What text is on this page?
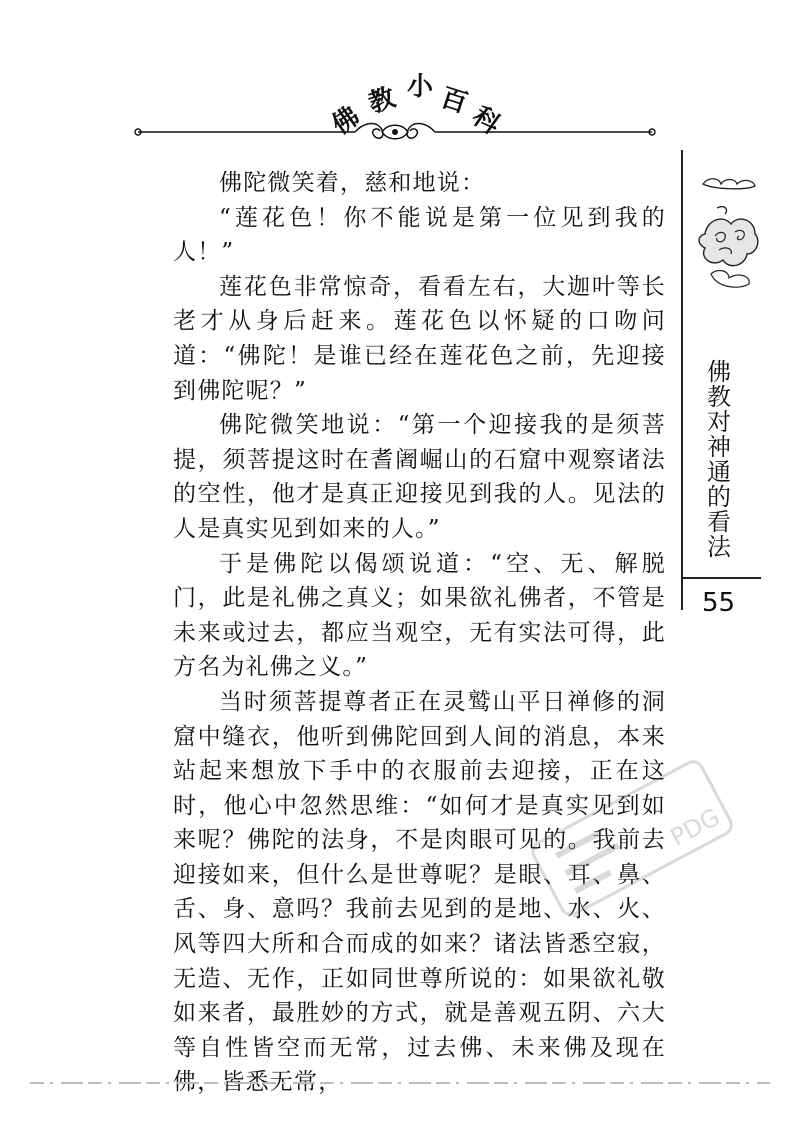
佛
教 小 百
科

佛陀微笑着，慈和地说：

“莲花色！你不能说是第一位见到我的人！”

莲花色非常惊奇，看看左右，大迦叶等长老才从身后赶来。莲花色以怀疑的口吻问道：“佛陀！是谁已经在莲花色之前，先迎接到佛陀呢？”

佛陀微笑地说：“第一个迎接我的是须菩提，须菩提这时在耆阇崛山的石窟中观察诸法的空性，他才是真正迎接见到我的人。见法的人是真实见到如来的人。”

于是佛陀以偈颂说道：“空、无、解脱门，此是礼佛之真义；如果欲礼佛者，不管是未来或过去，都应当观空，无有实法可得，此方名为礼佛之义。”

当时须菩提尊者正在灵鹫山平日禅修的洞窟中缝衣，他听到佛陀回到人间的消息，本来站起来想放下手中的衣服前去迎接，正在这时，他心中忽然思维：“如何才是真实见到如来呢？佛陀的法身，不是肉眼可见的。我前去迎接如来，但什么是世尊呢？是眼、耳、鼻、舌、身、意吗？我前去见到的是地、水、火、风等四大所和合而成的如来？诸法皆悉空寂，无造、无作，正如同世尊所说的：如果欲礼敬如来者，最胜妙的方式，就是善观五阴、六大等自性皆空而无常，过去佛、未来佛及现在佛，皆悉无常，

佛教对神通的看法
55
PDG
